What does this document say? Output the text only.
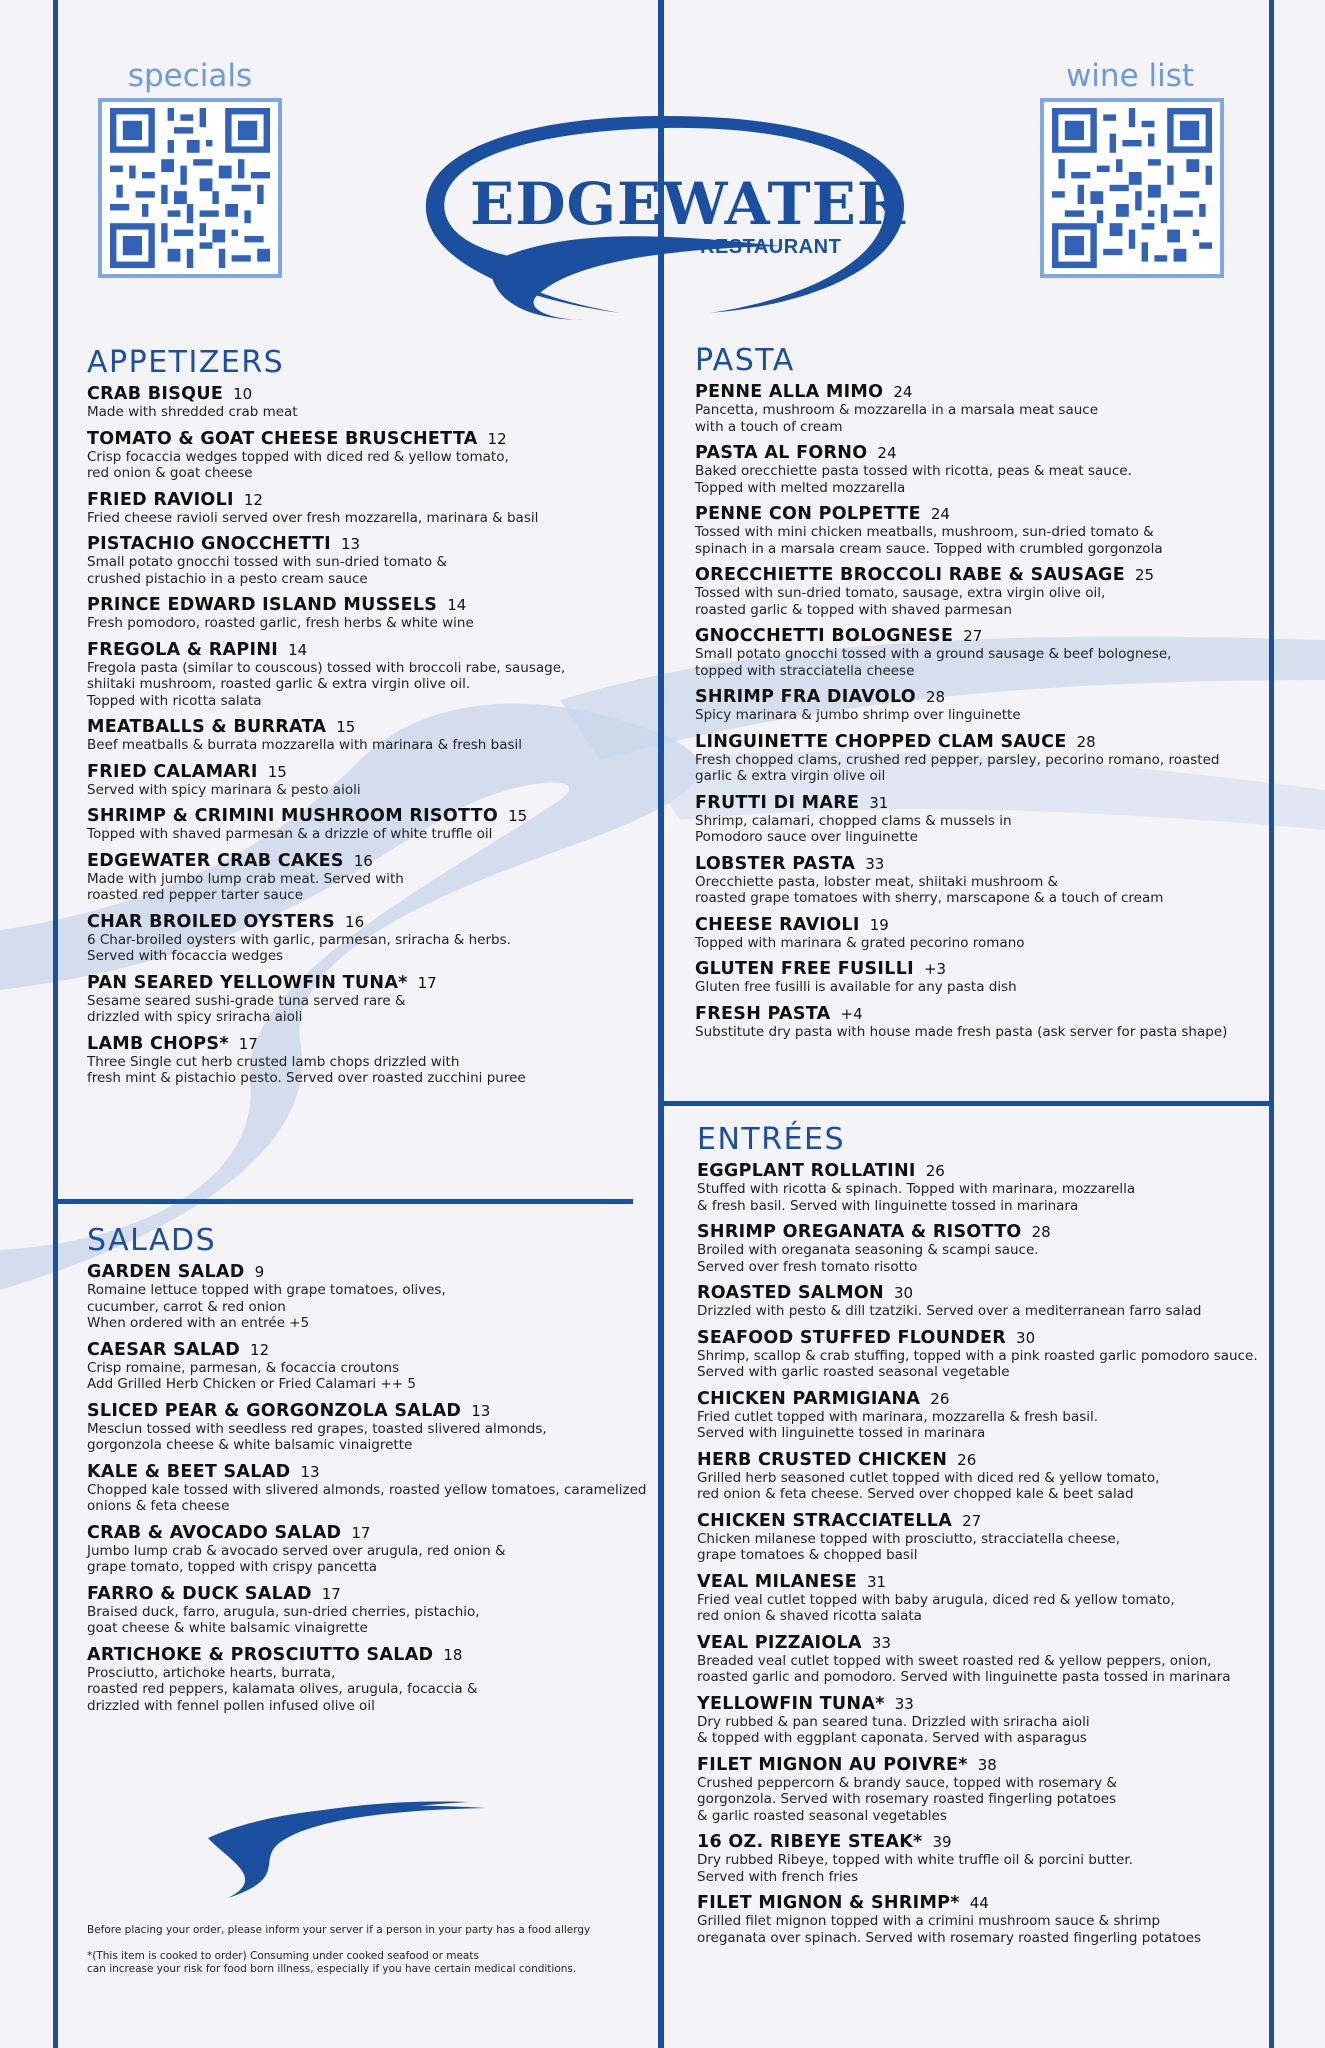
specials	wine list
EDGEWATER
RESTAURANT
APPETIZERS
CRAB BISQUE 10
Made with shredded crab meat
TOMATO & GOAT CHEESE BRUSCHETTA 12
Crisp focaccia wedges topped with diced red & yellow tomato,
red onion & goat cheese
FRIED RAVIOLI 12
Fried cheese ravioli served over fresh mozzarella, marinara & basil
PISTACHIO GNOCCHETTI 13
Small potato gnocchi tossed with sun-dried tomato &
crushed pistachio in a pesto cream sauce
PRINCE EDWARD ISLAND MUSSELS 14
Fresh pomodoro, roasted garlic, fresh herbs & white wine
FREGOLA & RAPINI 14
Fregola pasta (similar to couscous) tossed with broccoli rabe, sausage,
shiitaki mushroom, roasted garlic & extra virgin olive oil.
Topped with ricotta salata
MEATBALLS & BURRATA 15
Beef meatballs & burrata mozzarella with marinara & fresh basil
FRIED CALAMARI 15
Served with spicy marinara & pesto aioli
SHRIMP & CRIMINI MUSHROOM RISOTTO 15
Topped with shaved parmesan & a drizzle of white truffle oil
EDGEWATER CRAB CAKES 16
Made with jumbo lump crab meat. Served with
roasted red pepper tarter sauce
CHAR BROILED OYSTERS 16
6 Char-broiled oysters with garlic, parmesan, sriracha & herbs.
Served with focaccia wedges
PAN SEARED YELLOWFIN TUNA* 17
Sesame seared sushi-grade tuna served rare &
drizzled with spicy sriracha aioli
LAMB CHOPS* 17
Three Single cut herb crusted lamb chops drizzled with
fresh mint & pistachio pesto. Served over roasted zucchini puree
SALADS
GARDEN SALAD 9
Romaine lettuce topped with grape tomatoes, olives,
cucumber, carrot & red onion
When ordered with an entrée +5
CAESAR SALAD 12
Crisp romaine, parmesan, & focaccia croutons
Add Grilled Herb Chicken or Fried Calamari ++ 5
SLICED PEAR & GORGONZOLA SALAD 13
Mesclun tossed with seedless red grapes, toasted slivered almonds,
gorgonzola cheese & white balsamic vinaigrette
KALE & BEET SALAD 13
Chopped kale tossed with slivered almonds, roasted yellow tomatoes, caramelized
onions & feta cheese
CRAB & AVOCADO SALAD 17
Jumbo lump crab & avocado served over arugula, red onion &
grape tomato, topped with crispy pancetta
FARRO & DUCK SALAD 17
Braised duck, farro, arugula, sun-dried cherries, pistachio,
goat cheese & white balsamic vinaigrette
ARTICHOKE & PROSCIUTTO SALAD 18
Prosciutto, artichoke hearts, burrata,
roasted red peppers, kalamata olives, arugula, focaccia &
drizzled with fennel pollen infused olive oil
PASTA
PENNE ALLA MIMO 24
Pancetta, mushroom & mozzarella in a marsala meat sauce
with a touch of cream
PASTA AL FORNO 24
Baked orecchiette pasta tossed with ricotta, peas & meat sauce.
Topped with melted mozzarella
PENNE CON POLPETTE 24
Tossed with mini chicken meatballs, mushroom, sun-dried tomato &
spinach in a marsala cream sauce. Topped with crumbled gorgonzola
ORECCHIETTE BROCCOLI RABE & SAUSAGE 25
Tossed with sun-dried tomato, sausage, extra virgin olive oil,
roasted garlic & topped with shaved parmesan
GNOCCHETTI BOLOGNESE 27
Small potato gnocchi tossed with a ground sausage & beef bolognese,
topped with stracciatella cheese
SHRIMP FRA DIAVOLO 28
Spicy marinara & jumbo shrimp over linguinette
LINGUINETTE CHOPPED CLAM SAUCE 28
Fresh chopped clams, crushed red pepper, parsley, pecorino romano, roasted
garlic & extra virgin olive oil
FRUTTI DI MARE 31
Shrimp, calamari, chopped clams & mussels in
Pomodoro sauce over linguinette
LOBSTER PASTA 33
Orecchiette pasta, lobster meat, shiitaki mushroom &
roasted grape tomatoes with sherry, marscapone & a touch of cream
CHEESE RAVIOLI 19
Topped with marinara & grated pecorino romano
GLUTEN FREE FUSILLI +3
Gluten free fusilli is available for any pasta dish
FRESH PASTA +4
Substitute dry pasta with house made fresh pasta (ask server for pasta shape)
ENTRÉES
EGGPLANT ROLLATINI 26
Stuffed with ricotta & spinach. Topped with marinara, mozzarella
& fresh basil. Served with linguinette tossed in marinara
SHRIMP OREGANATA & RISOTTO 28
Broiled with oreganata seasoning & scampi sauce.
Served over fresh tomato risotto
ROASTED SALMON 30
Drizzled with pesto & dill tzatziki. Served over a mediterranean farro salad
SEAFOOD STUFFED FLOUNDER 30
Shrimp, scallop & crab stuffing, topped with a pink roasted garlic pomodoro sauce.
Served with garlic roasted seasonal vegetable
CHICKEN PARMIGIANA 26
Fried cutlet topped with marinara, mozzarella & fresh basil.
Served with linguinette tossed in marinara
HERB CRUSTED CHICKEN 26
Grilled herb seasoned cutlet topped with diced red & yellow tomato,
red onion & feta cheese. Served over chopped kale & beet salad
CHICKEN STRACCIATELLA 27
Chicken milanese topped with prosciutto, stracciatella cheese,
grape tomatoes & chopped basil
VEAL MILANESE 31
Fried veal cutlet topped with baby arugula, diced red & yellow tomato,
red onion & shaved ricotta salata
VEAL PIZZAIOLA 33
Breaded veal cutlet topped with sweet roasted red & yellow peppers, onion,
roasted garlic and pomodoro. Served with linguinette pasta tossed in marinara
YELLOWFIN TUNA* 33
Dry rubbed & pan seared tuna. Drizzled with sriracha aioli
& topped with eggplant caponata. Served with asparagus
FILET MIGNON AU POIVRE* 38
Crushed peppercorn & brandy sauce, topped with rosemary &
gorgonzola. Served with rosemary roasted fingerling potatoes
& garlic roasted seasonal vegetables
16 OZ. RIBEYE STEAK* 39
Dry rubbed Ribeye, topped with white truffle oil & porcini butter.
Served with french fries
FILET MIGNON & SHRIMP* 44
Grilled filet mignon topped with a crimini mushroom sauce & shrimp
oreganata over spinach. Served with rosemary roasted fingerling potatoes
Before placing your order, please inform your server if a person in your party has a food allergy
*(This item is cooked to order) Consuming under cooked seafood or meats
can increase your risk for food born illness, especially if you have certain medical conditions.
